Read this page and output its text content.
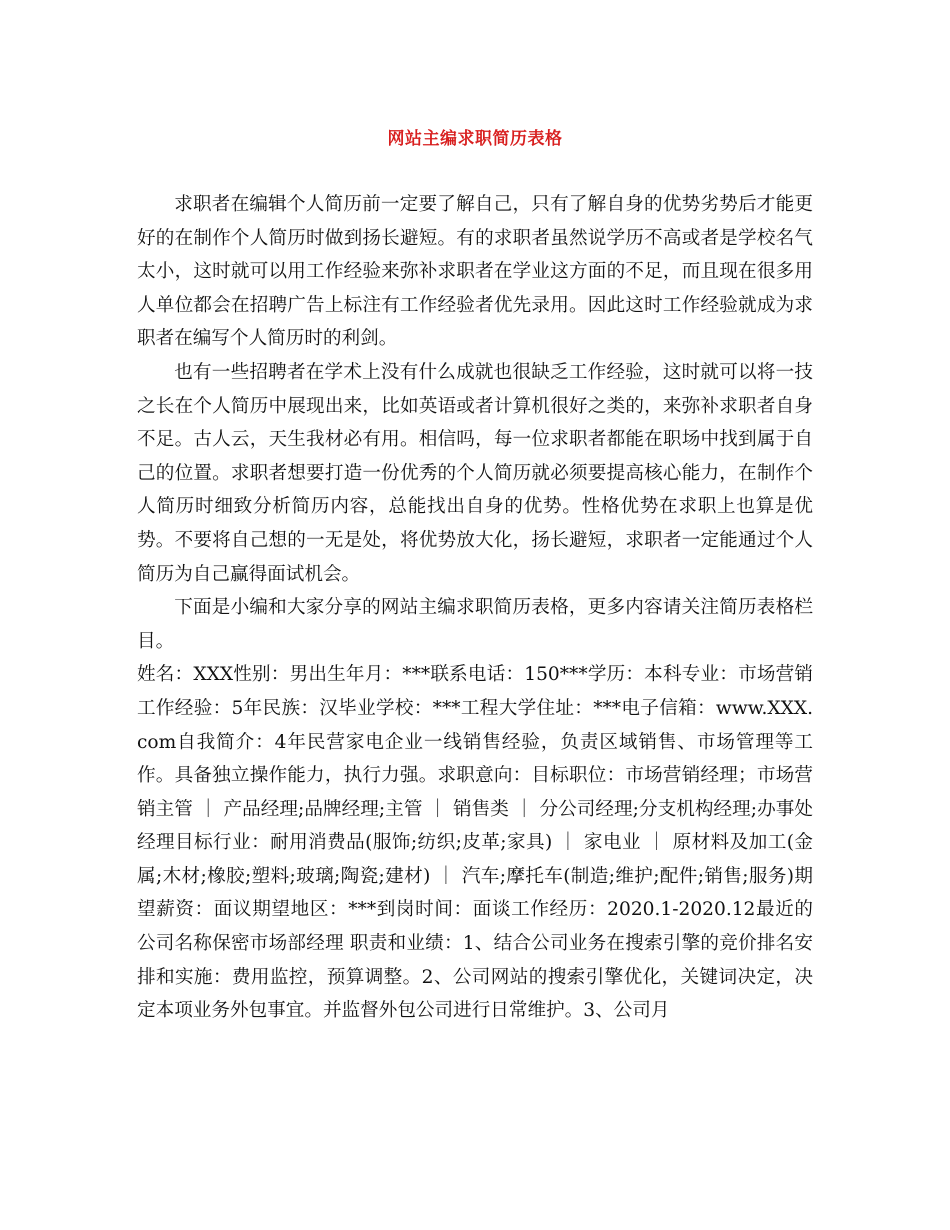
网站主编求职简历表格

求职者在编辑个人简历前一定要了解自己，只有了解自身的优势劣势后才能更好的在制作个人简历时做到扬长避短。有的求职者虽然说学历不高或者是学校名气太小，这时就可以用工作经验来弥补求职者在学业这方面的不足，而且现在很多用人单位都会在招聘广告上标注有工作经验者优先录用。因此这时工作经验就成为求职者在编写个人简历时的利剑。

也有一些招聘者在学术上没有什么成就也很缺乏工作经验，这时就可以将一技之长在个人简历中展现出来，比如英语或者计算机很好之类的，来弥补求职者自身不足。古人云，天生我材必有用。相信吗，每一位求职者都能在职场中找到属于自己的位置。求职者想要打造一份优秀的个人简历就必须要提高核心能力，在制作个人简历时细致分析简历内容，总能找出自身的优势。性格优势在求职上也算是优势。不要将自己想的一无是处，将优势放大化，扬长避短，求职者一定能通过个人简历为自己赢得面试机会。

下面是小编和大家分享的网站主编求职简历表格，更多内容请关注简历表格栏目。

姓名：XXX性别：男出生年月：***联系电话：150***学历：本科专业：市场营销工作经验：5年民族：汉毕业学校：***工程大学住址：***电子信箱：www.XXX.com自我简介：4年民营家电企业一线销售经验，负责区域销售、市场管理等工作。具备独立操作能力，执行力强。求职意向：目标职位：市场营销经理；市场营销主管 ｜ 产品经理;品牌经理;主管 ｜ 销售类 ｜ 分公司经理;分支机构经理;办事处经理目标行业：耐用消费品(服饰;纺织;皮革;家具) ｜ 家电业 ｜ 原材料及加工(金属;木材;橡胶;塑料;玻璃;陶瓷;建材) ｜ 汽车;摩托车(制造;维护;配件;销售;服务)期望薪资：面议期望地区：***到岗时间：面谈工作经历：2020.1-2020.12最近的公司名称保密市场部经理 职责和业绩：1、结合公司业务在搜索引擎的竞价排名安排和实施：费用监控，预算调整。2、公司网站的搜索引擎优化，关键词决定，决定本项业务外包事宜。并监督外包公司进行日常维护。3、公司月
